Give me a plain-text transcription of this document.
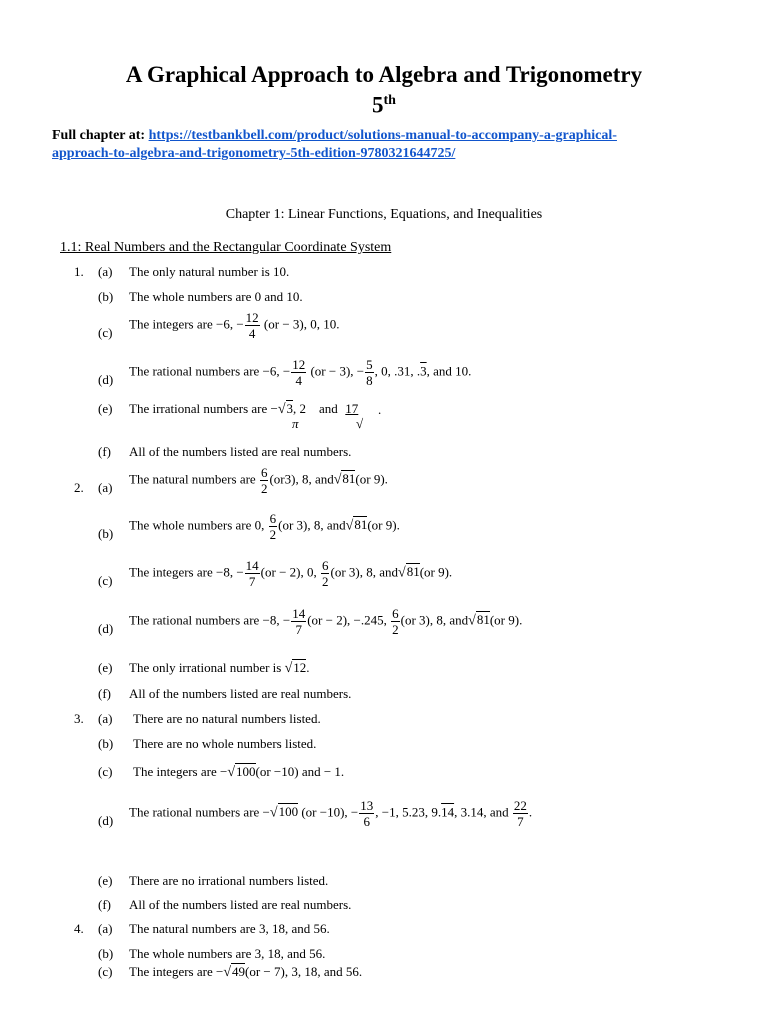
A Graphical Approach to Algebra and Trigonometry
5th
Full chapter at: https://testbankbell.com/product/solutions-manual-to-accompany-a-graphical-
approach-to-algebra-and-trigonometry-5th-edition-9780321644725/
Chapter 1: Linear Functions, Equations, and Inequalities
1.1: Real Numbers and the Rectangular Coordinate System
1. (a) The only natural number is 10.
(b) The whole numbers are 0 and 10.
(c)
The integers are −6, − $\frac{12}{4} (or - 3)$, 0, 10.
(d)
The rational numbers are −6, − $\frac{12}{4} (or - 3)$, − $\frac{5}{8}$ , 0, .31, .3, and 10.
(e) The irrational numbers are −√3, 2 and 17
π	√
.
(f) All of the numbers listed are real numbers.
2. (a)
The natural numbers are $\frac{6}{2} (or3)$, 8, and√81(or 9).
(b)
The whole numbers are 0, $\frac{6}{2} (or$ 3), 8, and√81(or 9).
(c)
The integers are −8, − $\frac{14}{7} (or - 2)$, 0, $\frac{6}{2} (or$ 3), 8, and√81(or 9).
(d)
The rational numbers are −8, − $\frac{14}{7} (or - 2)$, −.245, $\frac{6}{2} (or$ 3), 8, and√81(or 9).
(e) The only irrational number is √12.
(f) All of the numbers listed are real numbers.
3. (a) There are no natural numbers listed.
(b) There are no whole numbers listed.
(c) The integers are −√100(or −10) and − 1.
(d)
The rational numbers are −√100 (or −10), − $\frac{13}{6}$ , −1, 5.23, 9.14, 3.14, and $\frac{22}{7}$ .
(e) There are no irrational numbers listed.
(f) All of the numbers listed are real numbers.
4. (a) The natural numbers are 3, 18, and 56.
(b) The whole numbers are 3, 18, and 56.
(c) The integers are −√49(or − 7), 3, 18, and 56.
